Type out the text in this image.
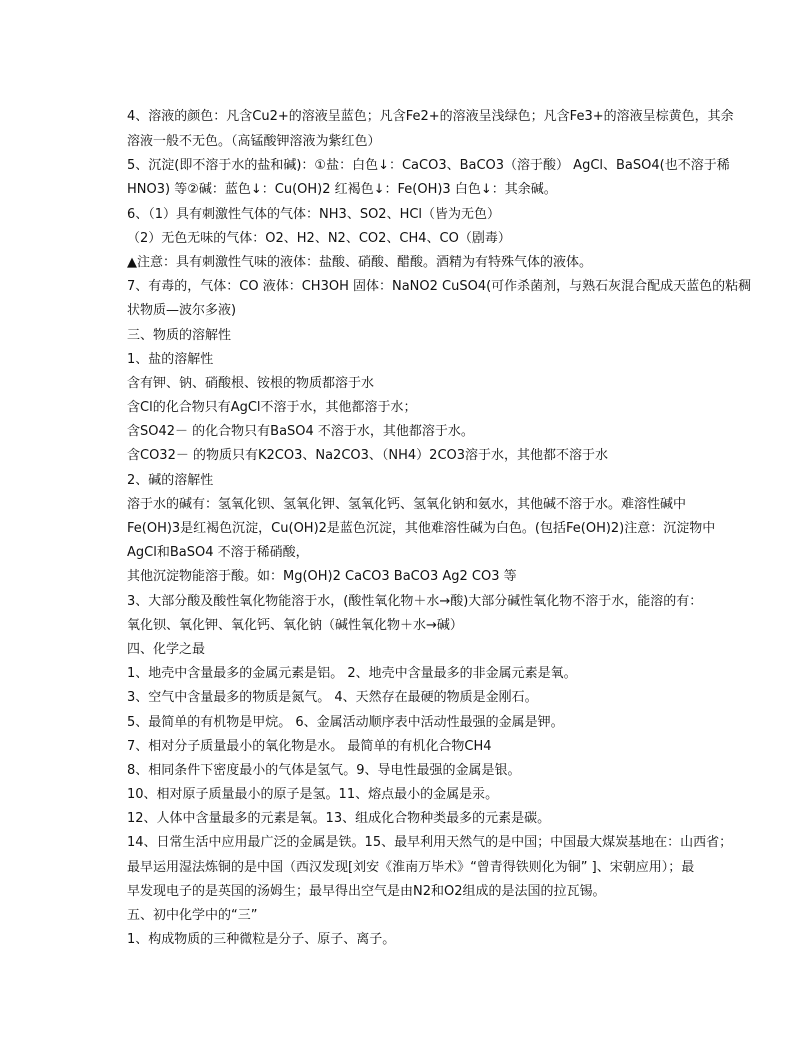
4、溶液的颜色：凡含Cu2+的溶液呈蓝色；凡含Fe2+的溶液呈浅绿色；凡含Fe3+的溶液呈棕黄色，其余
溶液一般不无色。（高锰酸钾溶液为紫红色）
5、沉淀(即不溶于水的盐和碱)：①盐：白色↓：CaCO3、BaCO3（溶于酸） AgCl、BaSO4(也不溶于稀
HNO3) 等②碱：蓝色↓：Cu(OH)2 红褐色↓：Fe(OH)3 白色↓：其余碱。
6、（1）具有刺激性气体的气体：NH3、SO2、HCl（皆为无色）
（2）无色无味的气体：O2、H2、N2、CO2、CH4、CO（剧毒）
▲注意：具有刺激性气味的液体：盐酸、硝酸、醋酸。酒精为有特殊气体的液体。
7、有毒的，气体：CO 液体：CH3OH 固体：NaNO2 CuSO4(可作杀菌剂，与熟石灰混合配成天蓝色的粘稠
状物质—波尔多液)
三、物质的溶解性
1、盐的溶解性
含有钾、钠、硝酸根、铵根的物质都溶于水
含Cl的化合物只有AgCl不溶于水，其他都溶于水；
含SO42－ 的化合物只有BaSO4 不溶于水，其他都溶于水。
含CO32－ 的物质只有K2CO3、Na2CO3、（NH4）2CO3溶于水，其他都不溶于水
2、碱的溶解性
溶于水的碱有：氢氧化钡、氢氧化钾、氢氧化钙、氢氧化钠和氨水，其他碱不溶于水。难溶性碱中
Fe(OH)3是红褐色沉淀，Cu(OH)2是蓝色沉淀，其他难溶性碱为白色。(包括Fe(OH)2)注意：沉淀物中
AgCl和BaSO4 不溶于稀硝酸，
其他沉淀物能溶于酸。如：Mg(OH)2 CaCO3 BaCO3 Ag2 CO3 等
3、大部分酸及酸性氧化物能溶于水，(酸性氧化物＋水→酸)大部分碱性氧化物不溶于水，能溶的有：
氧化钡、氧化钾、氧化钙、氧化钠（碱性氧化物＋水→碱）
四、化学之最
1、地壳中含量最多的金属元素是铝。 2、地壳中含量最多的非金属元素是氧。
3、空气中含量最多的物质是氮气。 4、天然存在最硬的物质是金刚石。
5、最简单的有机物是甲烷。 6、金属活动顺序表中活动性最强的金属是钾。
7、相对分子质量最小的氧化物是水。 最简单的有机化合物CH4
8、相同条件下密度最小的气体是氢气。9、导电性最强的金属是银。
10、相对原子质量最小的原子是氢。11、熔点最小的金属是汞。
12、人体中含量最多的元素是氧。13、组成化合物种类最多的元素是碳。
14、日常生活中应用最广泛的金属是铁。15、最早利用天然气的是中国；中国最大煤炭基地在：山西省；
最早运用湿法炼铜的是中国（西汉发现[刘安《淮南万毕术》“曾青得铁则化为铜” ]、宋朝应用）；最
早发现电子的是英国的汤姆生；最早得出空气是由N2和O2组成的是法国的拉瓦锡。
五、初中化学中的“三”
1、构成物质的三种微粒是分子、原子、离子。
